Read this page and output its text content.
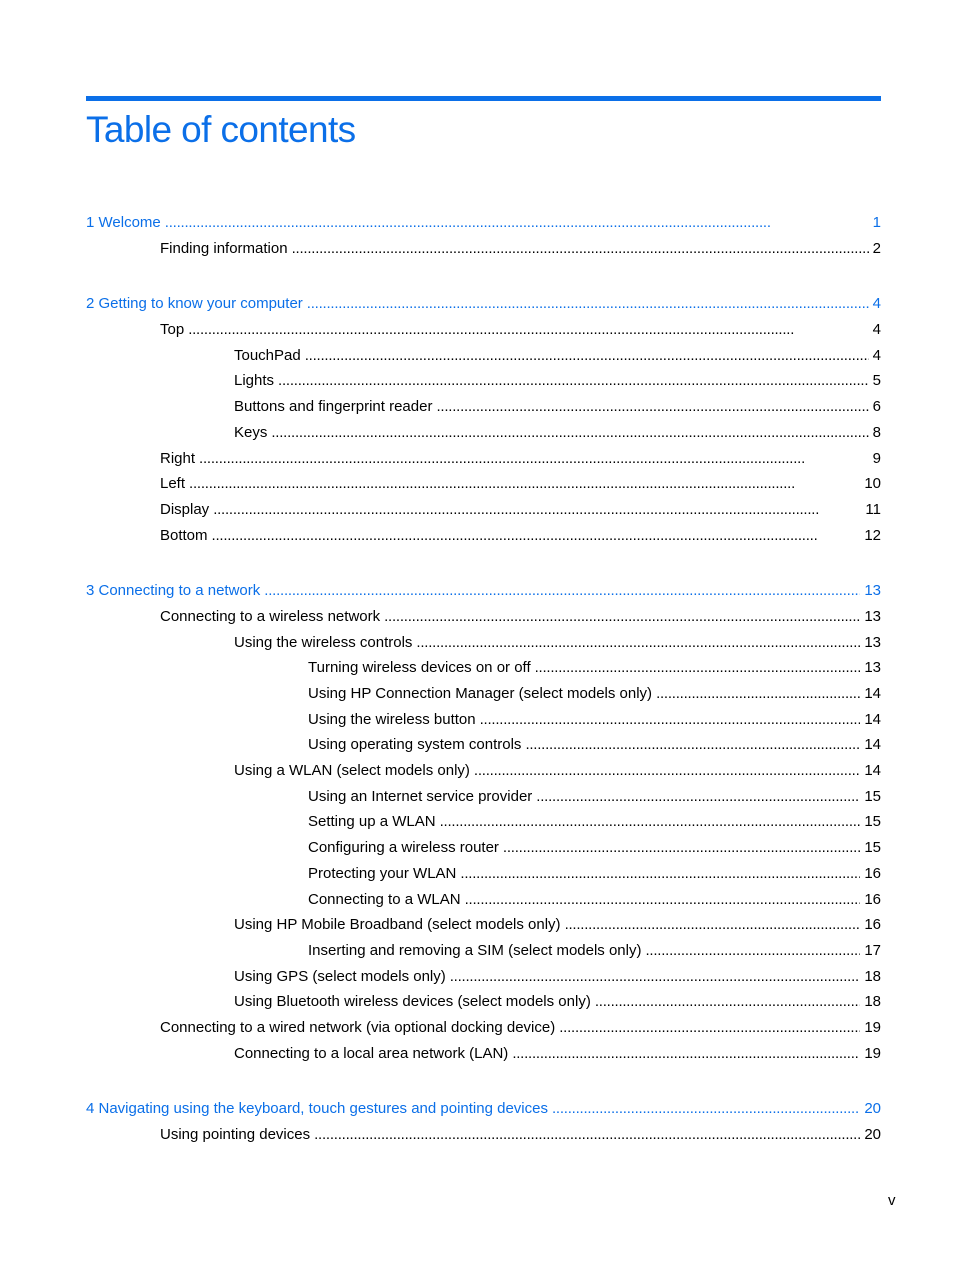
Table of contents
1 Welcome . . .	1
Finding information . . .	2
2 Getting to know your computer . . .	4
Top . . .	4
TouchPad . . .	4
Lights . . .	5
Buttons and fingerprint reader . . .	6
Keys . . .	8
Right . . .	9
Left . . .	10
Display . . .	11
Bottom . . .	12
3 Connecting to a network . . .	13
Connecting to a wireless network . . .	13
Using the wireless controls . . .	13
Turning wireless devices on or off . . .	13
Using HP Connection Manager (select models only) . . .	14
Using the wireless button . . .	14
Using operating system controls . . .	14
Using a WLAN (select models only) . . .	14
Using an Internet service provider . . .	15
Setting up a WLAN . . .	15
Configuring a wireless router . . .	15
Protecting your WLAN . . .	16
Connecting to a WLAN . . .	16
Using HP Mobile Broadband (select models only) . . .	16
Inserting and removing a SIM (select models only) . . .	17
Using GPS (select models only) . . .	18
Using Bluetooth wireless devices (select models only) . . .	18
Connecting to a wired network (via optional docking device) . . .	19
Connecting to a local area network (LAN) . . .	19
4 Navigating using the keyboard, touch gestures and pointing devices . . .	20
Using pointing devices . . .	20
v
